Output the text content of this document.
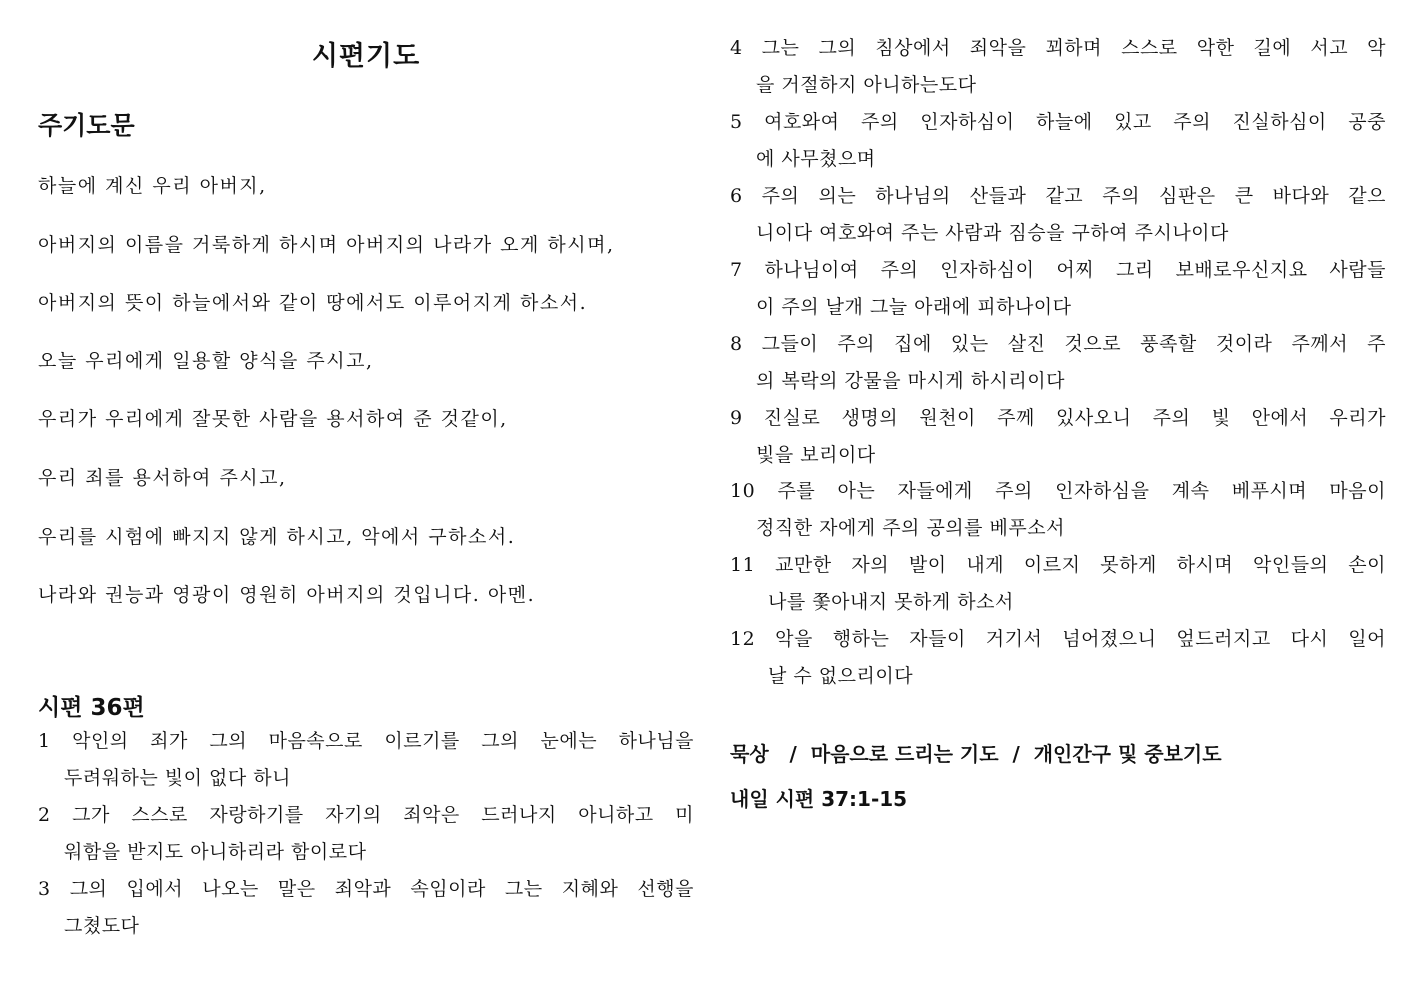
시편기도
주기도문
하늘에 계신 우리 아버지,
아버지의 이름을 거룩하게 하시며 아버지의 나라가 오게 하시며,
아버지의 뜻이 하늘에서와 같이 땅에서도 이루어지게 하소서.
오늘 우리에게 일용할 양식을 주시고,
우리가 우리에게 잘못한 사람을 용서하여 준 것같이,
우리 죄를 용서하여 주시고,
우리를 시험에 빠지지 않게 하시고, 악에서 구하소서.
나라와 권능과 영광이 영원히 아버지의 것입니다. 아멘.
시편 36편
1 악인의 죄가 그의 마음속으로 이르기를 그의 눈에는 하나님을
두려워하는 빛이 없다 하니
2 그가 스스로 자랑하기를 자기의 죄악은 드러나지 아니하고 미
워함을 받지도 아니하리라 함이로다
3 그의 입에서 나오는 말은 죄악과 속임이라 그는 지혜와 선행을
그쳤도다
4 그는 그의 침상에서 죄악을 꾀하며 스스로 악한 길에 서고 악
을 거절하지 아니하는도다
5 여호와여 주의 인자하심이 하늘에 있고 주의 진실하심이 공중
에 사무쳤으며
6 주의 의는 하나님의 산들과 같고 주의 심판은 큰 바다와 같으
니이다 여호와여 주는 사람과 짐승을 구하여 주시나이다
7 하나님이여 주의 인자하심이 어찌 그리 보배로우신지요 사람들
이 주의 날개 그늘 아래에 피하나이다
8 그들이 주의 집에 있는 살진 것으로 풍족할 것이라 주께서 주
의 복락의 강물을 마시게 하시리이다
9 진실로 생명의 원천이 주께 있사오니 주의 빛 안에서 우리가
빛을 보리이다
10 주를 아는 자들에게 주의 인자하심을 계속 베푸시며 마음이
정직한 자에게 주의 공의를 베푸소서
11 교만한 자의 발이 내게 이르지 못하게 하시며 악인들의 손이
나를 쫓아내지 못하게 하소서
12 악을 행하는 자들이 거기서 넘어졌으니 엎드러지고 다시 일어
날 수 없으리이다
묵상   /  마음으로 드리는 기도  /  개인간구 및 중보기도
내일 시편 37:1-15
